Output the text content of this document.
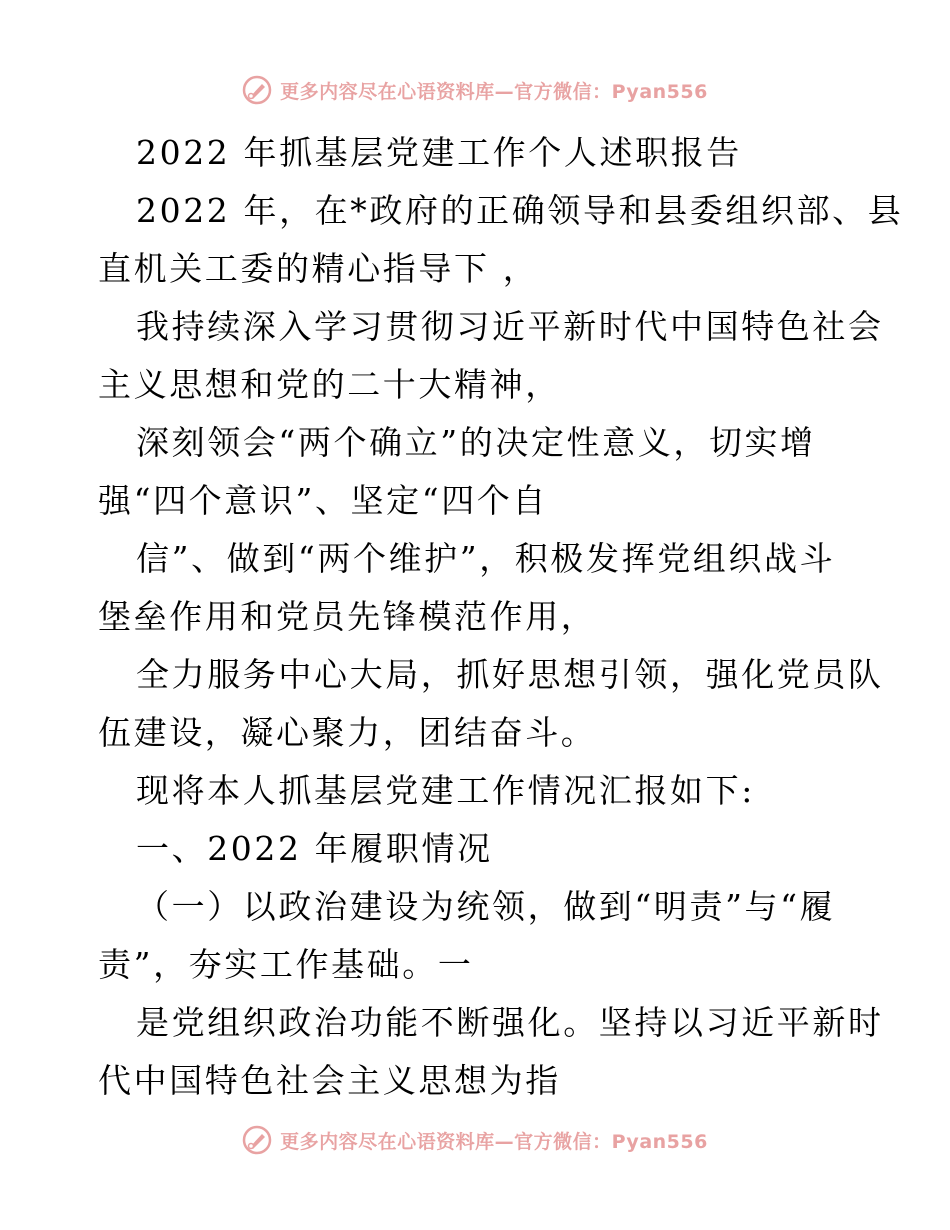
更多内容尽在心语资料库—官方微信：Pyan556
2022 年抓基层党建工作个人述职报告
2022 年，在*政府的正确领导和县委组织部、县
直机关工委的精心指导下 ，
我持续深入学习贯彻习近平新时代中国特色社会
主义思想和党的二十大精神，
深刻领会“两个确立”的决定性意义，切实增
强“四个意识”、坚定“四个自
信”、做到“两个维护”，积极发挥党组织战斗
堡垒作用和党员先锋模范作用，
全力服务中心大局，抓好思想引领，强化党员队
伍建设，凝心聚力，团结奋斗。
现将本人抓基层党建工作情况汇报如下:
一、2022 年履职情况
（一）以政治建设为统领，做到“明责”与“履
责”，夯实工作基础。一
是党组织政治功能不断强化。坚持以习近平新时
代中国特色社会主义思想为指
更多内容尽在心语资料库—官方微信：Pyan556
